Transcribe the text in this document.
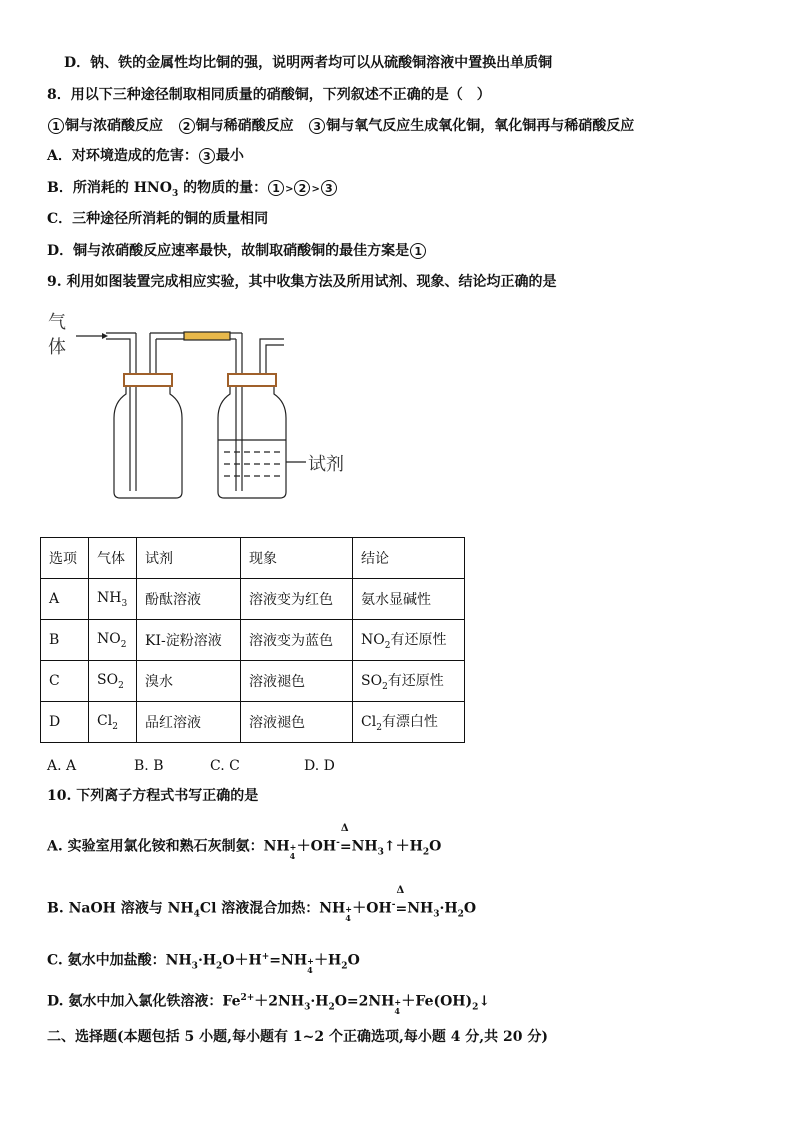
D．钠、铁的金属性均比铜的强，说明两者均可以从硫酸铜溶液中置换出单质铜
8．用以下三种途径制取相同质量的硝酸铜，下列叙述不正确的是（　）
1 铜与浓硝酸反应 2 铜与稀硝酸反应 3 铜与氧气反应生成氧化铜，氧化铜再与稀硝酸反应
A．对环境造成的危害： 3 最小
B．所消耗的 $HNO_3$ 的物质的量： 1 > 2 > 3
C．三种途径所消耗的铜的质量相同
D．铜与浓硝酸反应速率最快，故制取硝酸铜的最佳方案是 1
9. 利用如图装置完成相应实验，其中收集方法及所用试剂、现象、结论均正确的是
气
体
试剂
选项	气体	试剂	现象	结论
A	$NH_3$	酚酞溶液	溶液变为红色	氨水显碱性
B	$NO_2$	KI-淀粉溶液	溶液变为蓝色	$NO_2$有还原性
C	$SO_2$	溴水	溶液褪色	$SO_2$有还原性
D	$Cl_2$	品红溶液	溶液褪色	$Cl_2$有漂白性
A. A	B. B	C. C	D. D
10. 下列离子方程式书写正确的是
A. 实验室用氯化铵和熟石灰制氨：NH +
4
＋OH-
Δ
$=NH_3↑+H_2O$
B. NaOH 溶液与 $NH_4Cl$ 溶液混合加热：NH +
4
＋OH-
Δ
$=NH_3\cdot H_2O$
C. 氨水中加盐酸：$NH_3\cdot H_2O+H^+=NH$ +
4
$+H_2O$
D. 氨水中加入氯化铁溶液：$Fe^{2+}+2NH_3\cdot H_2O=2NH$ +
4
$+Fe(OH)_2↓$
二、选择题(本题包括 5 小题,每小题有 1~2 个正确选项,每小题 4 分,共 20 分)
